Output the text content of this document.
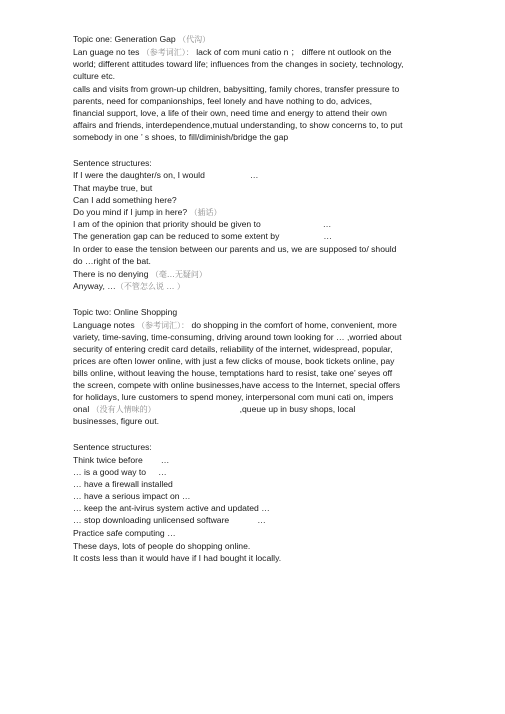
Topic one: Generation Gap （代沟）
Lan guage no tes （参考词汇）： lack of com muni catio n ； differe nt outlook on the
world; different attitudes toward life; influences from the changes in society, technology,
culture etc.
calls and visits from grown-up children, babysitting, family chores, transfer pressure to
parents, need for companionships, feel lonely and have nothing to do, advices,
financial support, love, a life of their own, need time and energy to attend their own
affairs and friends, interdependence,mutual understanding, to show concerns to, to put
somebody in one ’ s shoes, to fill/diminish/bridge the gap
Sentence structures:
If I were the daughter/s on, I would	…
That maybe true, but
Can I add something here?
Do you mind if I jump in here? （插话）
I am of the opinion that priority should be given to	…
The generation gap can be reduced to some extent by	…
In order to ease the tension between our parents and us, we are supposed to/ should
do …right of the bat.
There is no denying （毫…无疑问）
Anyway, …（不管怎么说 … ）
Topic two: Online Shopping
Language notes （参考词汇）： do shopping in the comfort of home, convenient, more
variety, time-saving, time-consuming, driving around town looking for … ,worried about
security of entering credit card details, reliability of the internet, widespread, popular,
prices are often lower online, with just a few clicks of mouse, book tickets online, pay
bills online, without leaving the house, temptations hard to resist, take one’ seyes off
the screen, compete with online businesses,have access to the Internet, special offers
for holidays, lure customers to spend money, interpersonal com muni cati on, impers
onal （没有人情味的）	,queue up in busy shops, local
businesses, figure out.
Sentence structures:
Think twice before …
… is a good way to …
… have a firewall installed
… have a serious impact on …
… keep the ant-ivirus system active and updated …
… stop downloading unlicensed software	…
Practice safe computing …
These days, lots of people do shopping online.
It costs less than it would have if I had bought it locally.
